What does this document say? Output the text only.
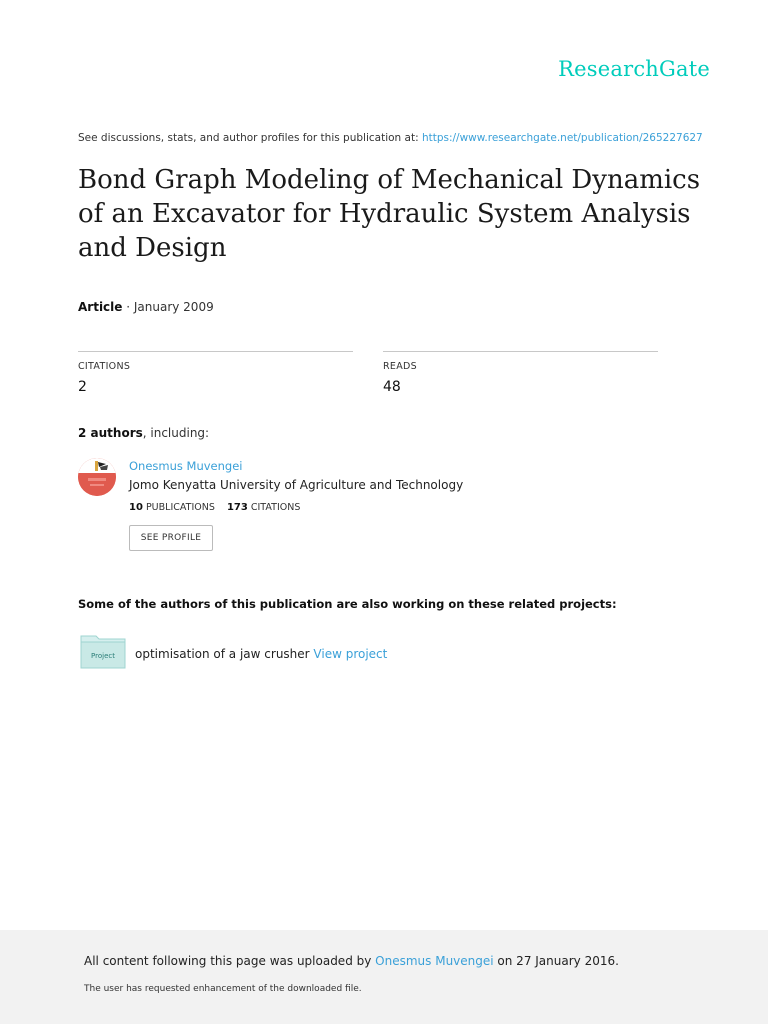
ResearchGate
See discussions, stats, and author profiles for this publication at: https://www.researchgate.net/publication/265227627
Bond Graph Modeling of Mechanical Dynamics
of an Excavator for Hydraulic System Analysis
and Design
Article · January 2009
CITATIONS
2
READS
48
2 authors, including:
Onesmus Muvengei
Jomo Kenyatta University of Agriculture and Technology
10 PUBLICATIONS 173 CITATIONS
SEE PROFILE
Some of the authors of this publication are also working on these related projects:
Project optimisation of a jaw crusher View project
All content following this page was uploaded by Onesmus Muvengei on 27 January 2016.
The user has requested enhancement of the downloaded file.
